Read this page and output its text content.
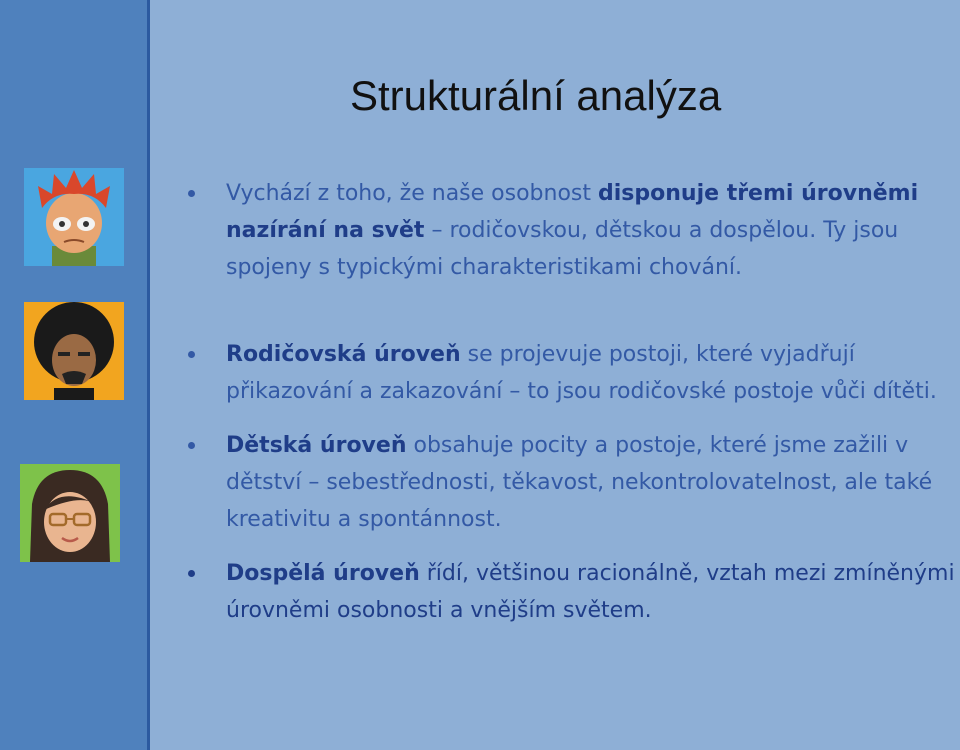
Strukturální analýza
Vychází z toho, že naše osobnost disponuje třemi úrovněmi nazírání na svět – rodičovskou, dětskou a dospělou. Ty jsou spojeny s typickými charakteristikami chování.
Rodičovská úroveň se projevuje postoji, které vyjadřují přikazování a zakazování – to jsou rodičovské postoje vůči dítěti.
Dětská úroveň obsahuje pocity a postoje, které jsme zažili v dětství – sebestřednosti, těkavost, nekontrolovatelnost, ale také kreativitu a spontánnost.
Dospělá úroveň řídí, většinou racionálně, vztah mezi zmíněnými úrovněmi osobnosti a vnějším světem.
